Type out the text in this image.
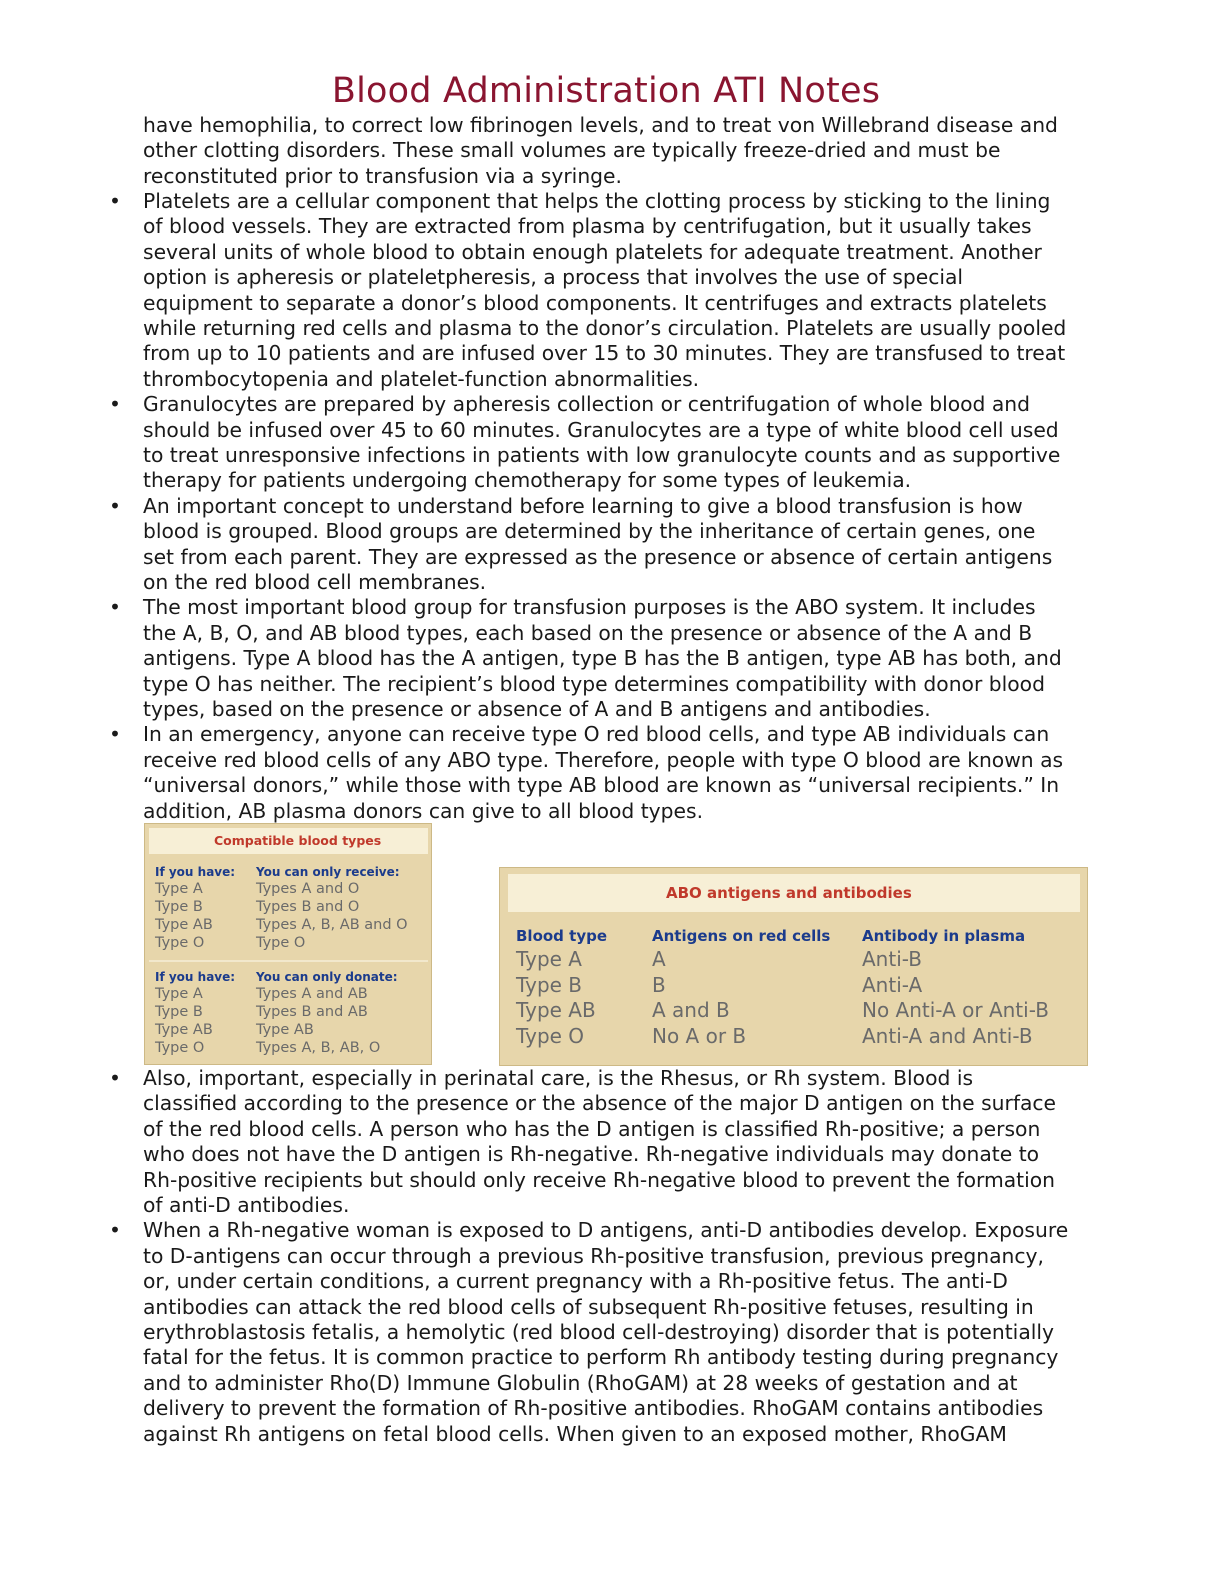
Blood Administration ATI Notes
have hemophilia, to correct low fibrinogen levels, and to treat von Willebrand disease and
other clotting disorders. These small volumes are typically freeze-dried and must be
reconstituted prior to transfusion via a syringe.
• Platelets are a cellular component that helps the clotting process by sticking to the lining
of blood vessels. They are extracted from plasma by centrifugation, but it usually takes
several units of whole blood to obtain enough platelets for adequate treatment. Another
option is apheresis or plateletpheresis, a process that involves the use of special
equipment to separate a donor’s blood components. It centrifuges and extracts platelets
while returning red cells and plasma to the donor’s circulation. Platelets are usually pooled
from up to 10 patients and are infused over 15 to 30 minutes. They are transfused to treat
thrombocytopenia and platelet-function abnormalities.
• Granulocytes are prepared by apheresis collection or centrifugation of whole blood and
should be infused over 45 to 60 minutes. Granulocytes are a type of white blood cell used
to treat unresponsive infections in patients with low granulocyte counts and as supportive
therapy for patients undergoing chemotherapy for some types of leukemia.
• An important concept to understand before learning to give a blood transfusion is how
blood is grouped. Blood groups are determined by the inheritance of certain genes, one
set from each parent. They are expressed as the presence or absence of certain antigens
on the red blood cell membranes.
• The most important blood group for transfusion purposes is the ABO system. It includes
the A, B, O, and AB blood types, each based on the presence or absence of the A and B
antigens. Type A blood has the A antigen, type B has the B antigen, type AB has both, and
type O has neither. The recipient’s blood type determines compatibility with donor blood
types, based on the presence or absence of A and B antigens and antibodies.
• In an emergency, anyone can receive type O red blood cells, and type AB individuals can
receive red blood cells of any ABO type. Therefore, people with type O blood are known as
“universal donors,” while those with type AB blood are known as “universal recipients.” In
addition, AB plasma donors can give to all blood types.
• Also, important, especially in perinatal care, is the Rhesus, or Rh system. Blood is
classified according to the presence or the absence of the major D antigen on the surface
of the red blood cells. A person who has the D antigen is classified Rh-positive; a person
who does not have the D antigen is Rh-negative. Rh-negative individuals may donate to
Rh-positive recipients but should only receive Rh-negative blood to prevent the formation
of anti-D antibodies.
• When a Rh-negative woman is exposed to D antigens, anti-D antibodies develop. Exposure
to D-antigens can occur through a previous Rh-positive transfusion, previous pregnancy,
or, under certain conditions, a current pregnancy with a Rh-positive fetus. The anti-D
antibodies can attack the red blood cells of subsequent Rh-positive fetuses, resulting in
erythroblastosis fetalis, a hemolytic (red blood cell-destroying) disorder that is potentially
fatal for the fetus. It is common practice to perform Rh antibody testing during pregnancy
and to administer Rho(D) Immune Globulin (RhoGAM) at 28 weeks of gestation and at
delivery to prevent the formation of Rh-positive antibodies. RhoGAM contains antibodies
against Rh antigens on fetal blood cells. When given to an exposed mother, RhoGAM
Compatible blood types
If you have: You can only receive:
Type A	Types A and O
Type B	Types B and O
Type AB	Types A, B, AB and O
Type O	Type O
If you have: You can only donate:
Type A	Types A and AB
Type B	Types B and AB
Type AB	Type AB
Type O	Types A, B, AB, O
ABO antigens and antibodies
Blood type	Antigens on red cells Antibody in plasma
Type A	A	Anti-B
Type B	B	Anti-A
Type AB	A and B	No Anti-A or Anti-B
Type O	No A or B	Anti-A and Anti-B
